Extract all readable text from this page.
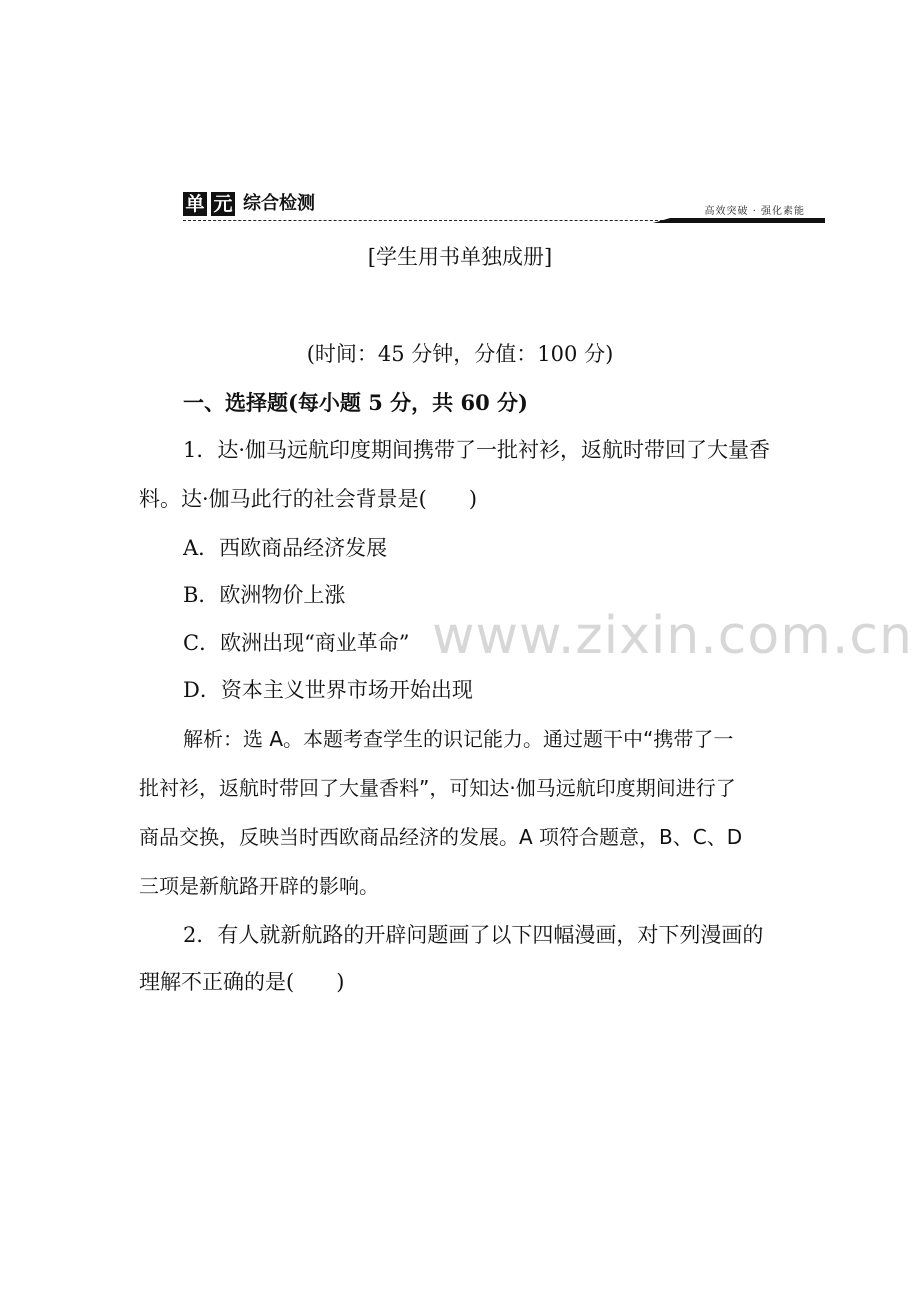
单 元 综合检测	高效突破 · 强化素能
[学生用书单独成册]
(时间：45 分钟，分值：100 分)
一、选择题(每小题 5 分，共 60 分)
1．达·伽马远航印度期间携带了一批衬衫，返航时带回了大量香
料。达·伽马此行的社会背景是(　　)
A．西欧商品经济发展
B．欧洲物价上涨
C．欧洲出现“商业革命”
D．资本主义世界市场开始出现
解析：选 A。本题考查学生的识记能力。通过题干中“携带了一
批衬衫，返航时带回了大量香料”，可知达·伽马远航印度期间进行了
商品交换，反映当时西欧商品经济的发展。A 项符合题意，B、C、D
三项是新航路开辟的影响。
2．有人就新航路的开辟问题画了以下四幅漫画，对下列漫画的
理解不正确的是(　　)
www.zixin.com.cn
